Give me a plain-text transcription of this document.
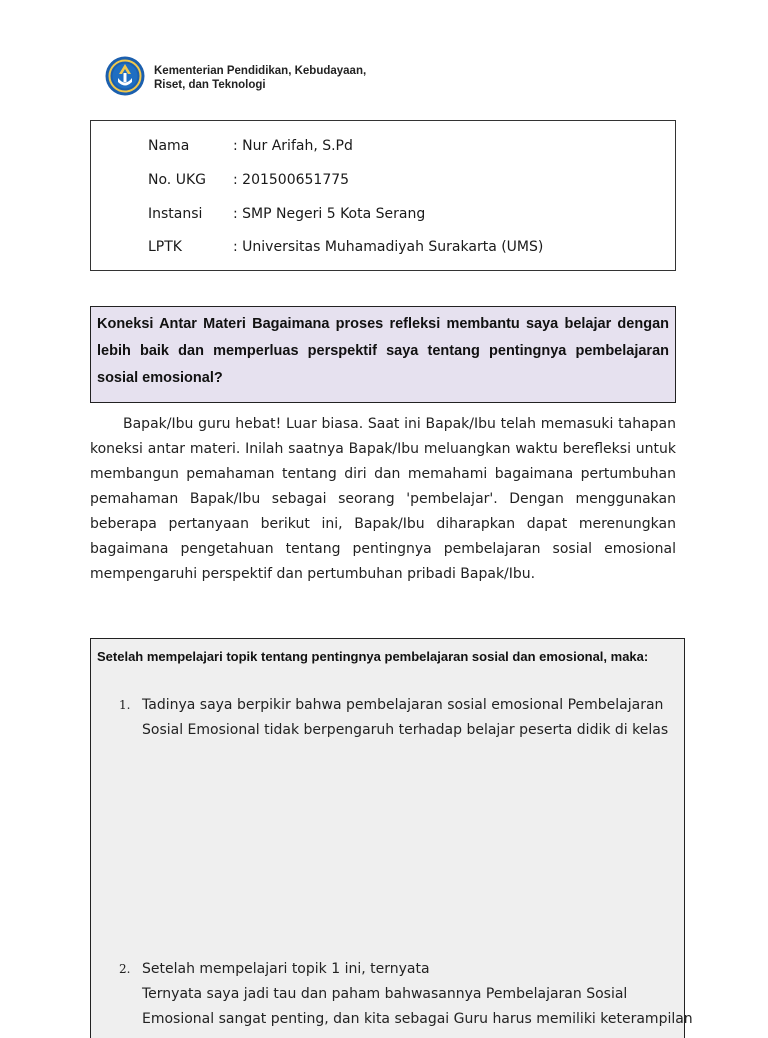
Kementerian Pendidikan, Kebudayaan,
Riset, dan Teknologi
Nama	: Nur Arifah, S.Pd
No. UKG : 201500651775
Instansi : SMP Negeri 5 Kota Serang
LPTK	: Universitas Muhamadiyah Surakarta (UMS)
Koneksi Antar Materi Bagaimana proses refleksi membantu saya belajar dengan lebih baik dan memperluas perspektif saya tentang pentingnya pembelajaran sosial emosional?

Bapak/Ibu guru hebat! Luar biasa. Saat ini Bapak/Ibu telah memasuki tahapan koneksi antar materi. Inilah saatnya Bapak/Ibu meluangkan waktu berefleksi untuk membangun pemahaman tentang diri dan memahami bagaimana pertumbuhan pemahaman Bapak/Ibu sebagai seorang 'pembelajar'. Dengan menggunakan beberapa pertanyaan berikut ini, Bapak/Ibu diharapkan dapat merenungkan bagaimana pengetahuan tentang pentingnya pembelajaran sosial emosional mempengaruhi perspektif dan pertumbuhan pribadi Bapak/Ibu.

Setelah mempelajari topik tentang pentingnya pembelajaran sosial dan emosional, maka:
1. Tadinya saya berpikir bahwa pembelajaran sosial emosional Pembelajaran
Sosial Emosional tidak berpengaruh terhadap belajar peserta didik di kelas
2. Setelah mempelajari topik 1 ini, ternyata
Ternyata saya jadi tau dan paham bahwasannya Pembelajaran Sosial
Emosional sangat penting, dan kita sebagai Guru harus memiliki keterampilan
